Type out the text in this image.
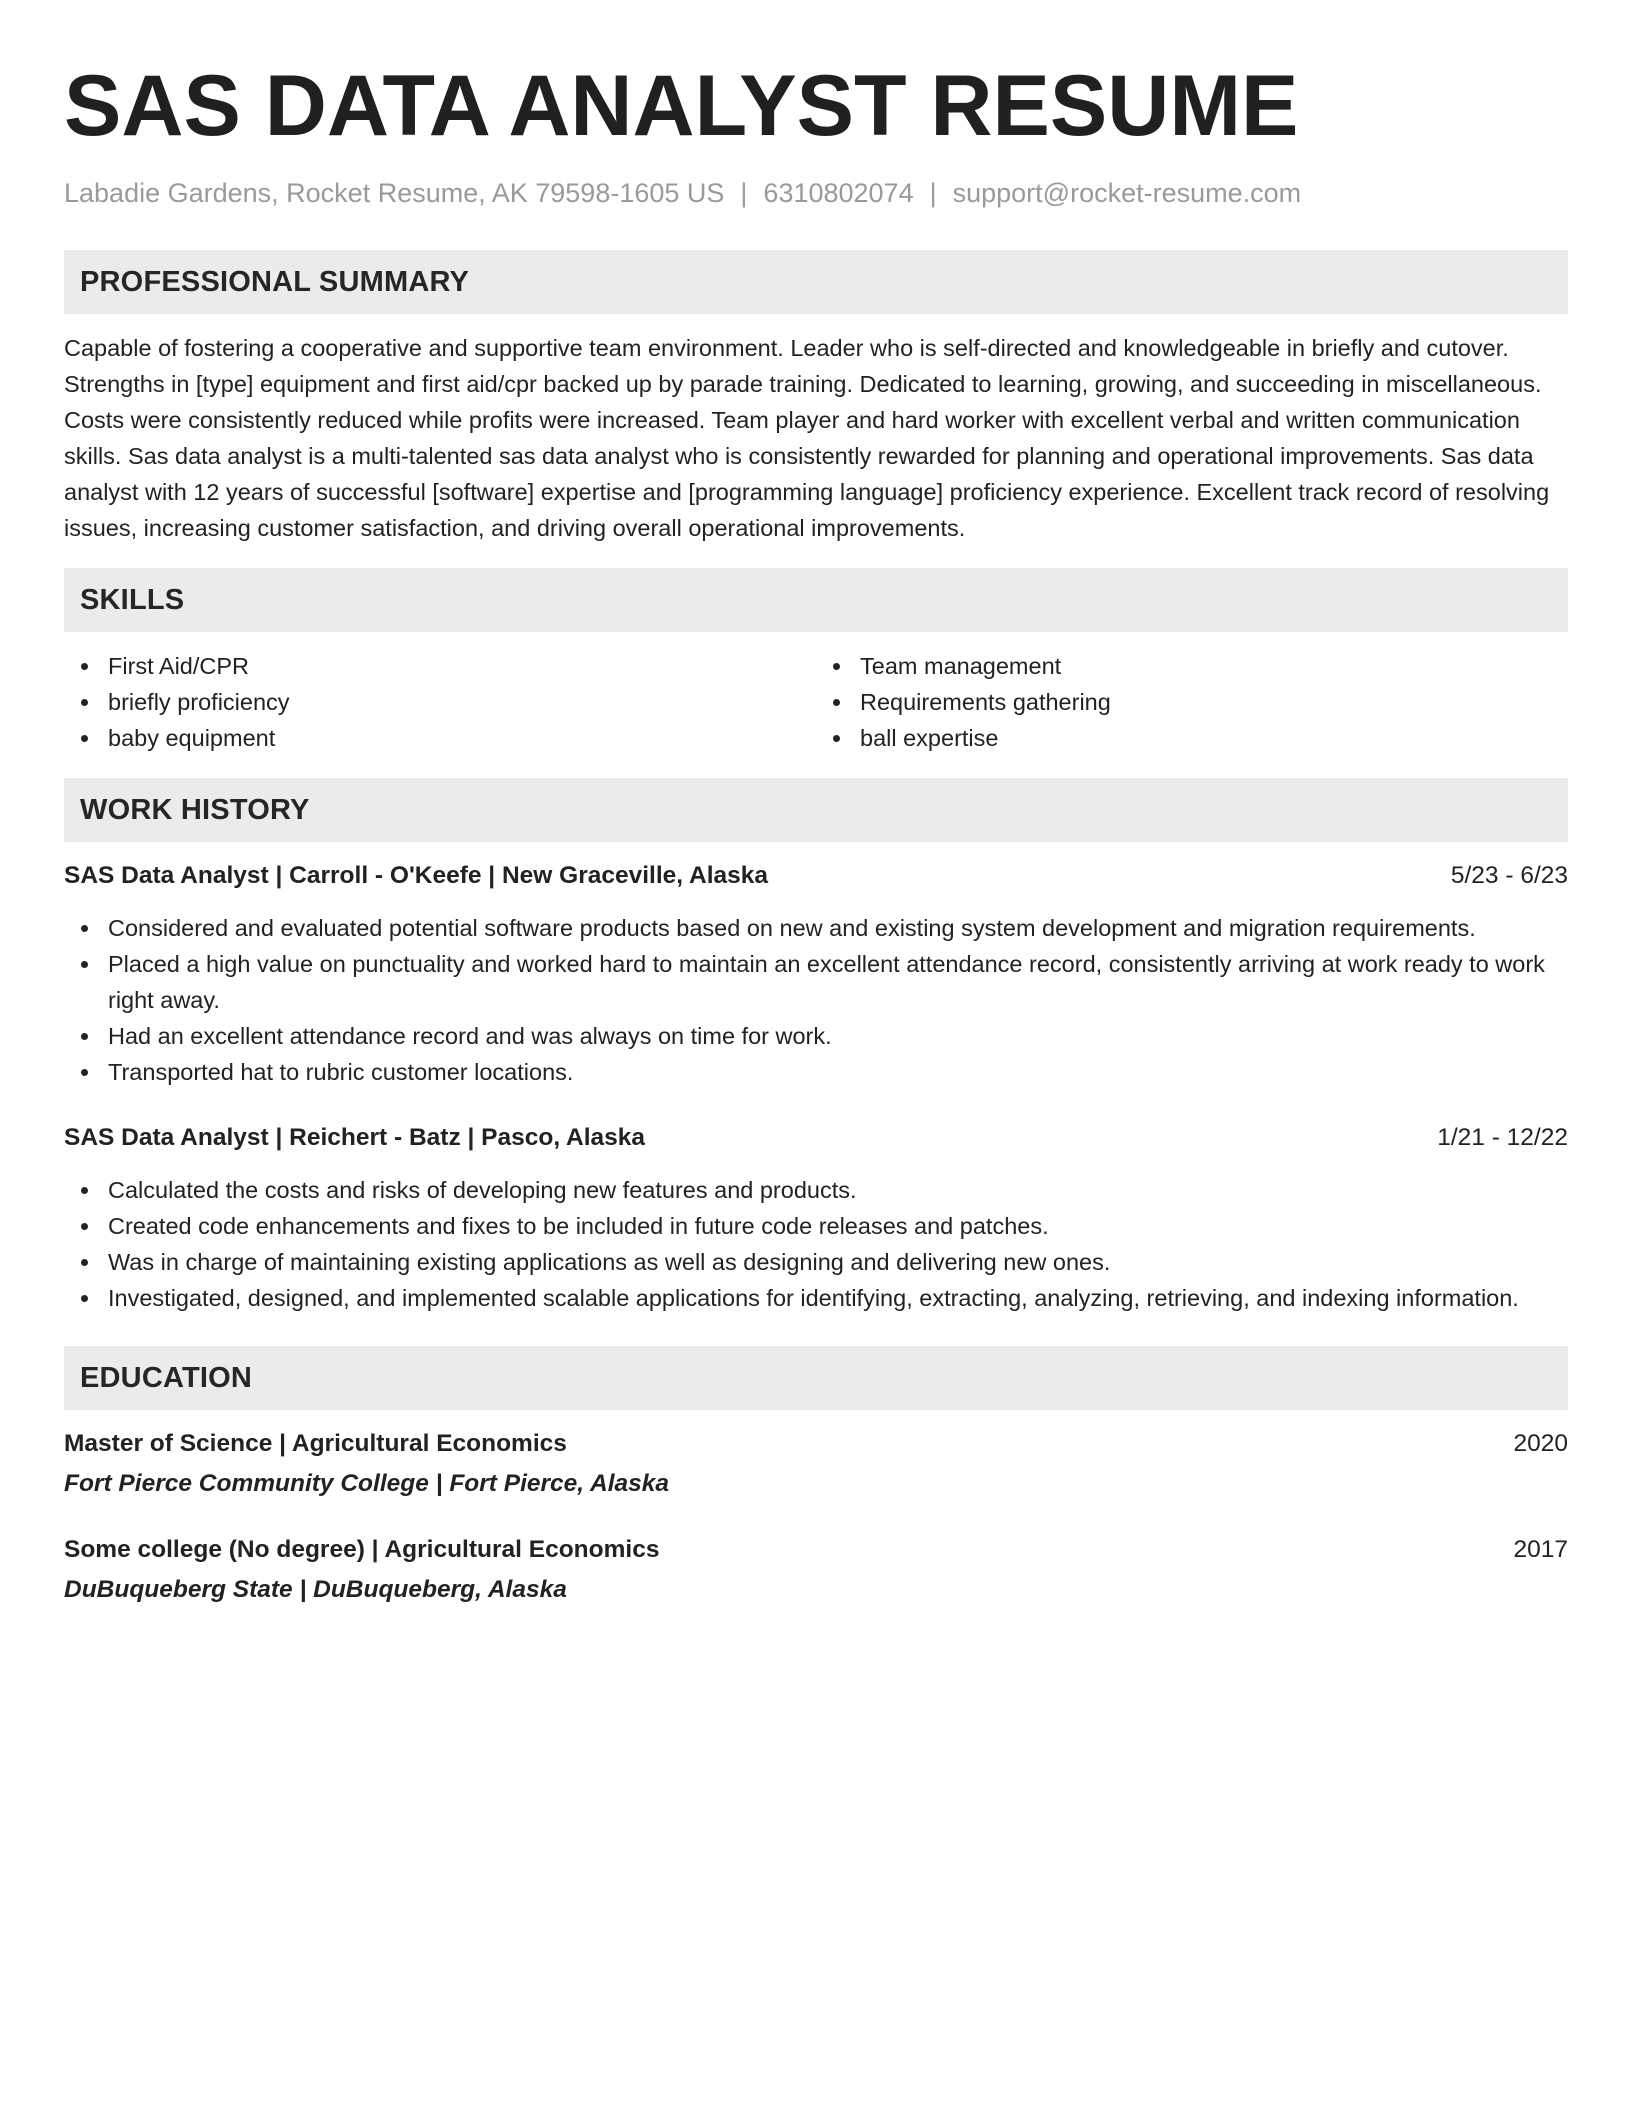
SAS DATA ANALYST RESUME
Labadie Gardens, Rocket Resume, AK 79598-1605 US | 6310802074 | support@rocket-resume.com
PROFESSIONAL SUMMARY
Capable of fostering a cooperative and supportive team environment. Leader who is self-directed and knowledgeable in briefly and cutover. Strengths in [type] equipment and first aid/cpr backed up by parade training. Dedicated to learning, growing, and succeeding in miscellaneous. Costs were consistently reduced while profits were increased. Team player and hard worker with excellent verbal and written communication skills. Sas data analyst is a multi-talented sas data analyst who is consistently rewarded for planning and operational improvements. Sas data analyst with 12 years of successful [software] expertise and [programming language] proficiency experience. Excellent track record of resolving issues, increasing customer satisfaction, and driving overall operational improvements.
SKILLS
First Aid/CPR
briefly proficiency
baby equipment
Team management
Requirements gathering
ball expertise
WORK HISTORY
SAS Data Analyst | Carroll - O'Keefe | New Graceville, Alaska	5/23 - 6/23
Considered and evaluated potential software products based on new and existing system development and migration requirements.
Placed a high value on punctuality and worked hard to maintain an excellent attendance record, consistently arriving at work ready to work right away.
Had an excellent attendance record and was always on time for work.
Transported hat to rubric customer locations.
SAS Data Analyst | Reichert - Batz | Pasco, Alaska	1/21 - 12/22
Calculated the costs and risks of developing new features and products.
Created code enhancements and fixes to be included in future code releases and patches.
Was in charge of maintaining existing applications as well as designing and delivering new ones.
Investigated, designed, and implemented scalable applications for identifying, extracting, analyzing, retrieving, and indexing information.
EDUCATION
Master of Science | Agricultural Economics	2020
Fort Pierce Community College | Fort Pierce, Alaska
Some college (No degree) | Agricultural Economics	2017
DuBuqueberg State | DuBuqueberg, Alaska
